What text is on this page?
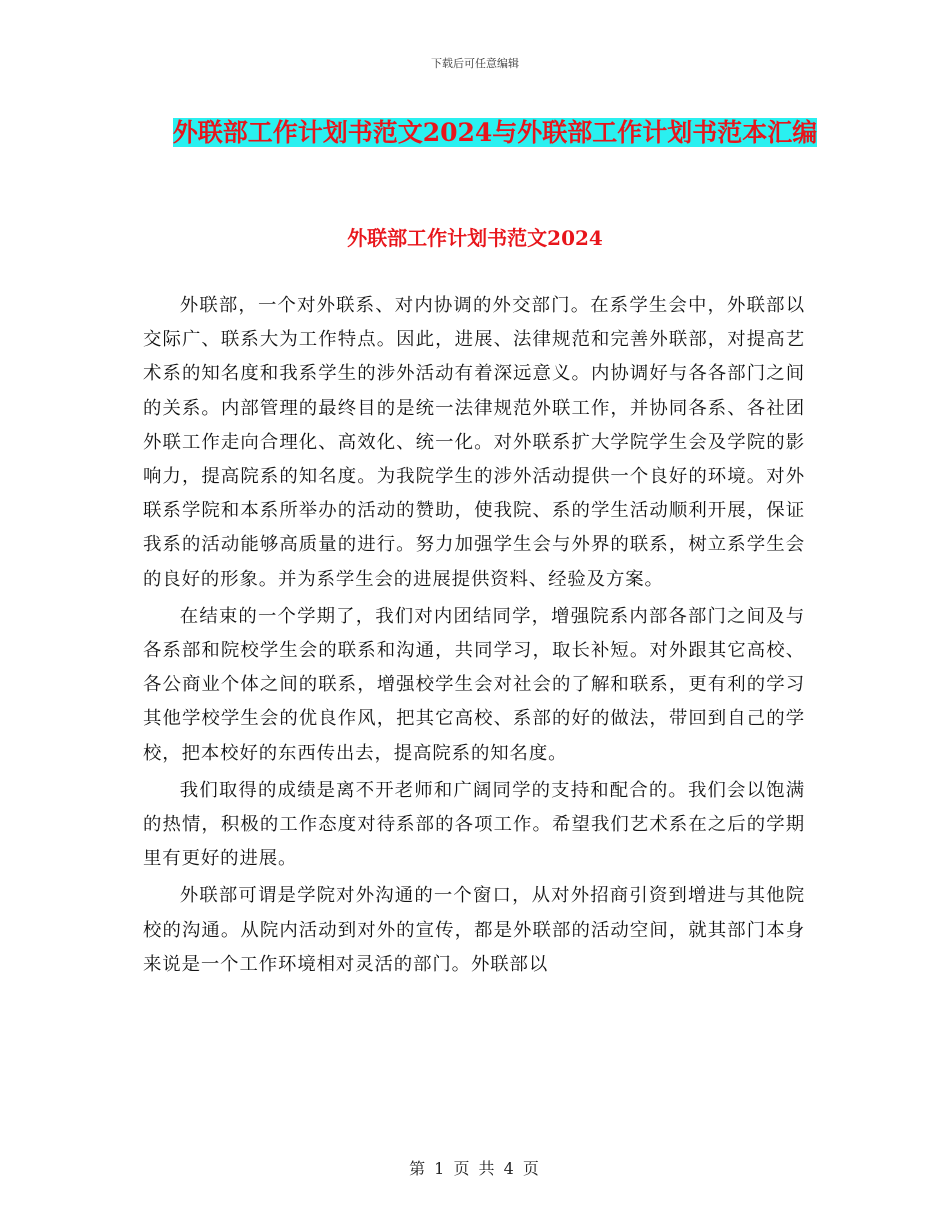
下载后可任意编辑
外联部工作计划书范文2024与外联部工作计划书范本汇编
外联部工作计划书范文2024

外联部，一个对外联系、对内协调的外交部门。在系学生会中，外联部以交际广、联系大为工作特点。因此，进展、法律规范和完善外联部，对提高艺术系的知名度和我系学生的涉外活动有着深远意义。内协调好与各各部门之间的关系。内部管理的最终目的是统一法律规范外联工作，并协同各系、各社团外联工作走向合理化、高效化、统一化。对外联系扩大学院学生会及学院的影响力，提高院系的知名度。为我院学生的涉外活动提供一个良好的环境。对外联系学院和本系所举办的活动的赞助，使我院、系的学生活动顺利开展，保证我系的活动能够高质量的进行。努力加强学生会与外界的联系，树立系学生会的良好的形象。并为系学生会的进展提供资料、经验及方案。

在结束的一个学期了，我们对内团结同学，增强院系内部各部门之间及与各系部和院校学生会的联系和沟通，共同学习，取长补短。对外跟其它高校、各公商业个体之间的联系，增强校学生会对社会的了解和联系，更有利的学习其他学校学生会的优良作风，把其它高校、系部的好的做法，带回到自己的学校，把本校好的东西传出去，提高院系的知名度。

我们取得的成绩是离不开老师和广阔同学的支持和配合的。我们会以饱满的热情，积极的工作态度对待系部的各项工作。希望我们艺术系在之后的学期里有更好的进展。

外联部可谓是学院对外沟通的一个窗口，从对外招商引资到增进与其他院校的沟通。从院内活动到对外的宣传，都是外联部的活动空间，就其部门本身来说是一个工作环境相对灵活的部门。外联部以

第 1 页 共 4 页
